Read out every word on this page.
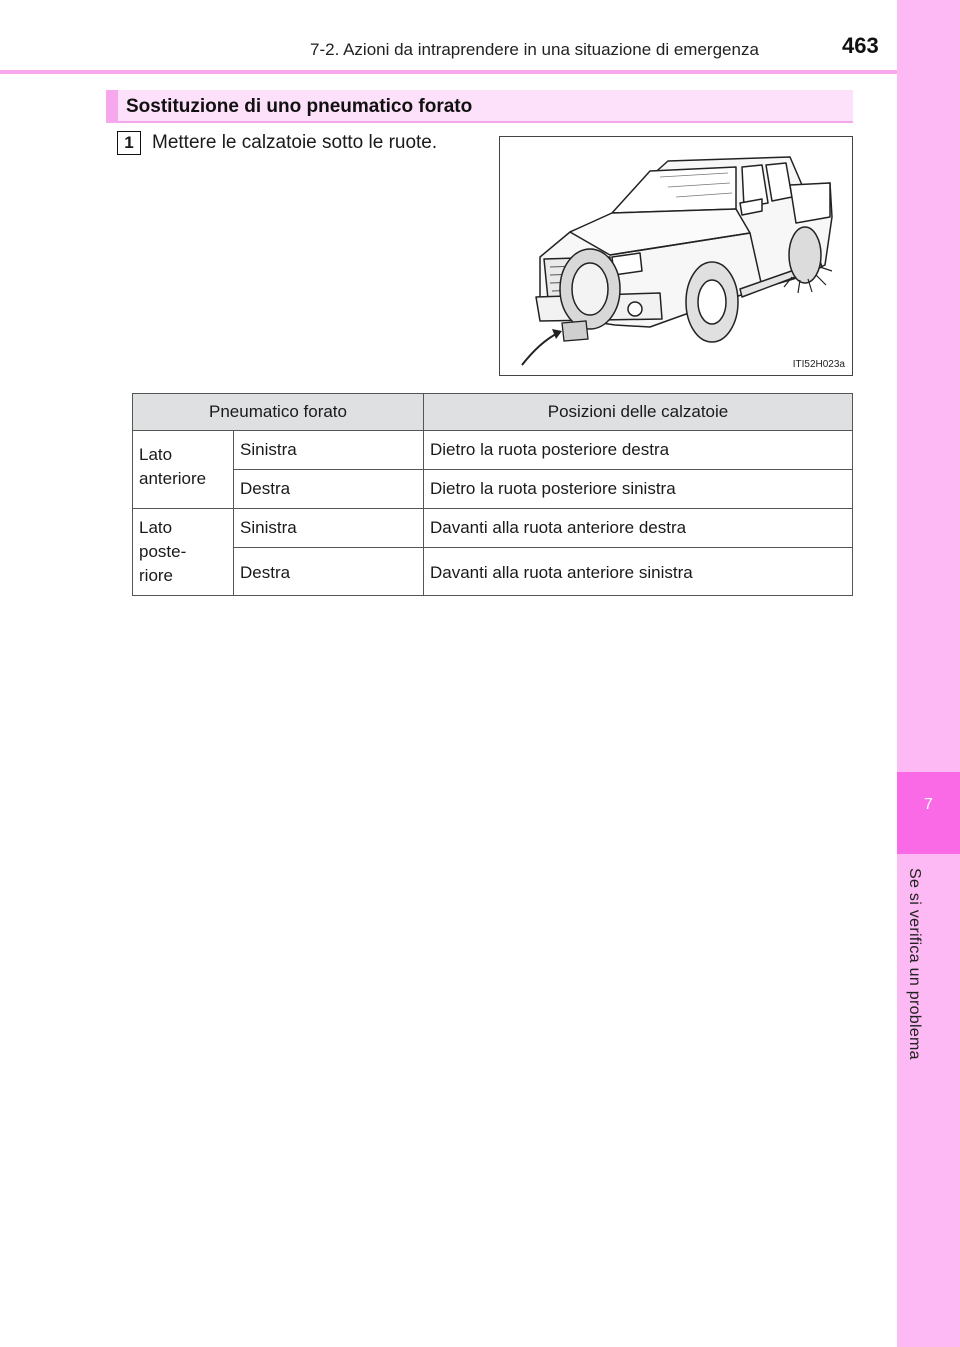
7-2. Azioni da intraprendere in una situazione di emergenza	463
7
Se si verifica un problema
Sostituzione di uno pneumatico forato
1 Mettere le calzatoie sotto le ruote.
ITI52H023a
Pneumatico forato		Posizioni delle calzatoie
Lato
anteriore	Sinistra	Dietro la ruota posteriore destra
	Destra	Dietro la ruota posteriore sinistra
Lato
poste-
riore	Sinistra	Davanti alla ruota anteriore destra
	Destra	Davanti alla ruota anteriore sinistra
